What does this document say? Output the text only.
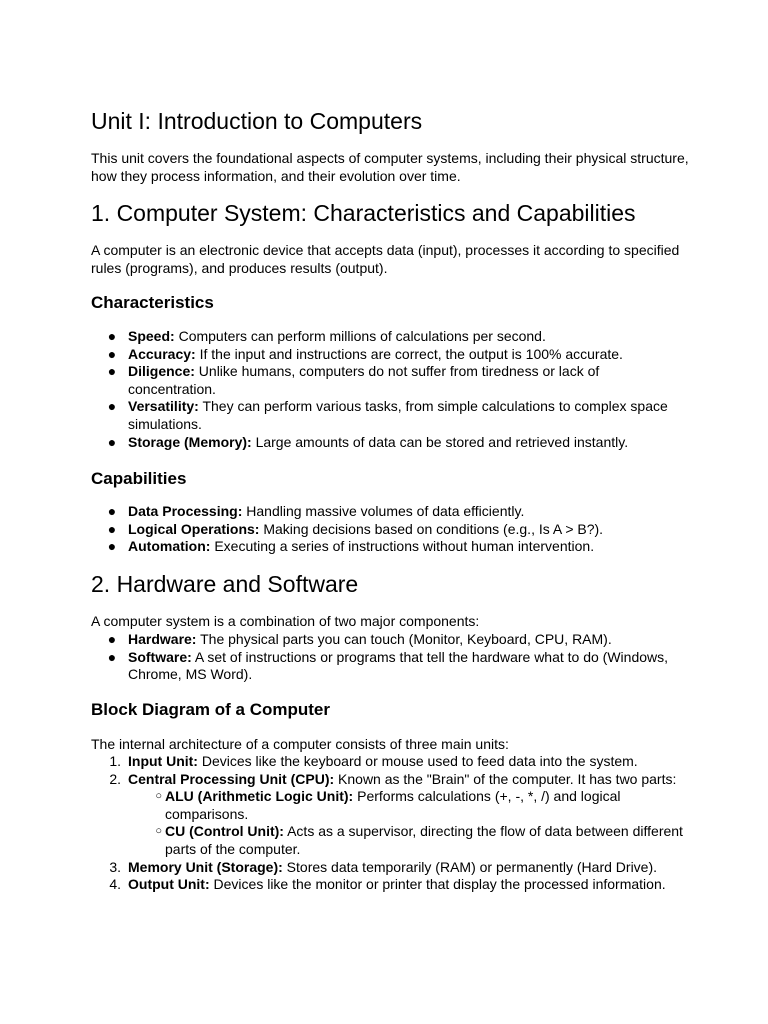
Unit I: Introduction to Computers

This unit covers the foundational aspects of computer systems, including their physical structure, how they process information, and their evolution over time.

1. Computer System: Characteristics and Capabilities

A computer is an electronic device that accepts data (input), processes it according to specified rules (programs), and produces results (output).

Characteristics
● Speed: Computers can perform millions of calculations per second.
● Accuracy: If the input and instructions are correct, the output is 100% accurate.
● Diligence: Unlike humans, computers do not suffer from tiredness or lack of concentration.
● Versatility: They can perform various tasks, from simple calculations to complex space simulations.
● Storage (Memory): Large amounts of data can be stored and retrieved instantly.
Capabilities
● Data Processing: Handling massive volumes of data efficiently.
● Logical Operations: Making decisions based on conditions (e.g., Is A > B?).
● Automation: Executing a series of instructions without human intervention.
2. Hardware and Software

A computer system is a combination of two major components:

● Hardware: The physical parts you can touch (Monitor, Keyboard, CPU, RAM).
● Software: A set of instructions or programs that tell the hardware what to do (Windows, Chrome, MS Word).
Block Diagram of a Computer

The internal architecture of a computer consists of three main units:

1. Input Unit: Devices like the keyboard or mouse used to feed data into the system.
2. Central Processing Unit (CPU): Known as the "Brain" of the computer. It has two parts:
○ ALU (Arithmetic Logic Unit): Performs calculations (+, -, *, /) and logical comparisons.
○ CU (Control Unit): Acts as a supervisor, directing the flow of data between different parts of the computer.
3. Memory Unit (Storage): Stores data temporarily (RAM) or permanently (Hard Drive).
4. Output Unit: Devices like the monitor or printer that display the processed information.
